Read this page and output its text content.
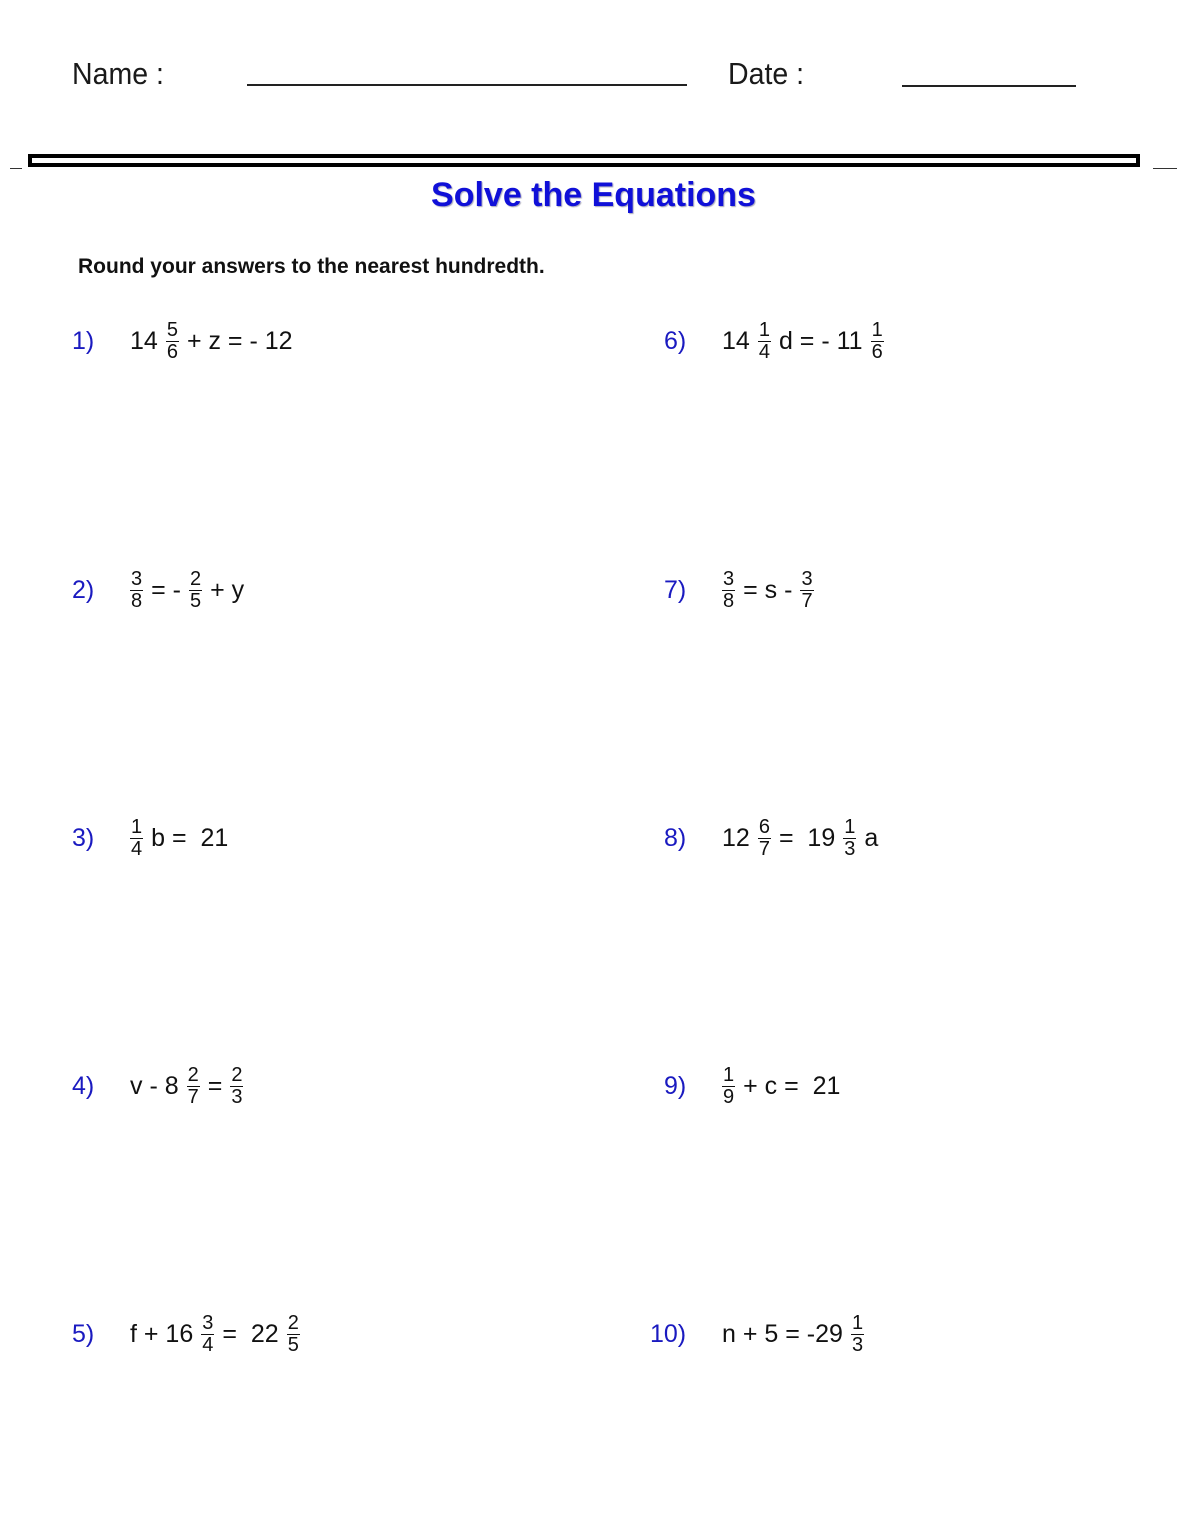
Name :	Date :
Solve the Equations
Round your answers to the nearest hundredth.
1)	$14 \frac{5}{6} + z$ = - 12
2)	$\frac{3}{8}$ = - $\frac{2}{5} + y$
3)	$\frac{1}{4}$ b =  21
4)	$v - 8 \frac{2}{7} = \frac{2}{3}$
5)	$f + 16 \frac{3}{4} = 22 \frac{2}{5}$
6)	$14 \frac{1}{4}$ d = - $11 \frac{1}{6}$
7)	$\frac{3}{8} = s - \frac{3}{7}$
8)	$12 \frac{6}{7} = 19 \frac{1}{3}$ a
9)	$\frac{1}{9} + c = 21$
10)	$n + 5 = -29 \frac{1}{3}$
